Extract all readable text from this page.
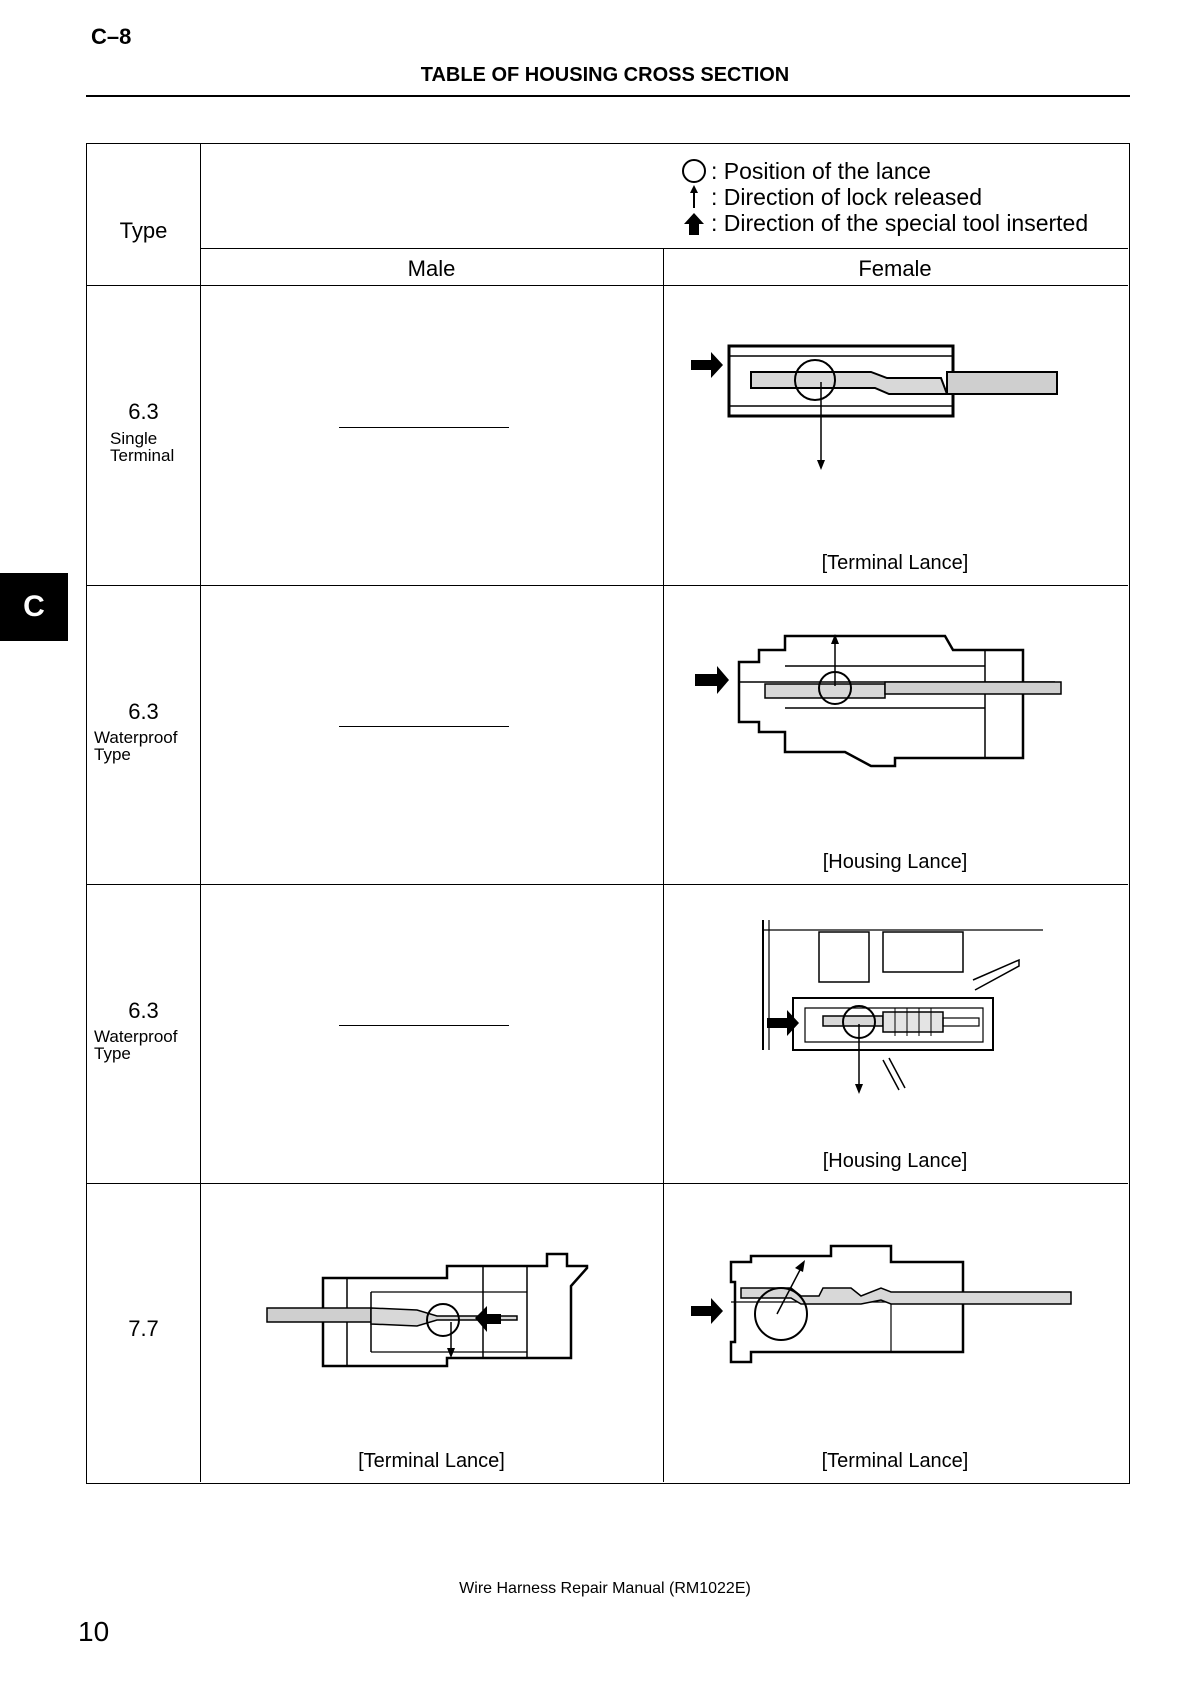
C–8
TABLE OF HOUSING CROSS SECTION
C
Type
Male	Female
: Position of the lance
: Direction of lock released
: Direction of the special tool inserted
6.3
Single
Terminal
[Terminal Lance]
6.3
Waterproof
Type
[Housing Lance]
6.3
Waterproof
Type
[Housing Lance]
7.7
[Terminal Lance]	[Terminal Lance]
Wire Harness Repair Manual (RM1022E)
10
